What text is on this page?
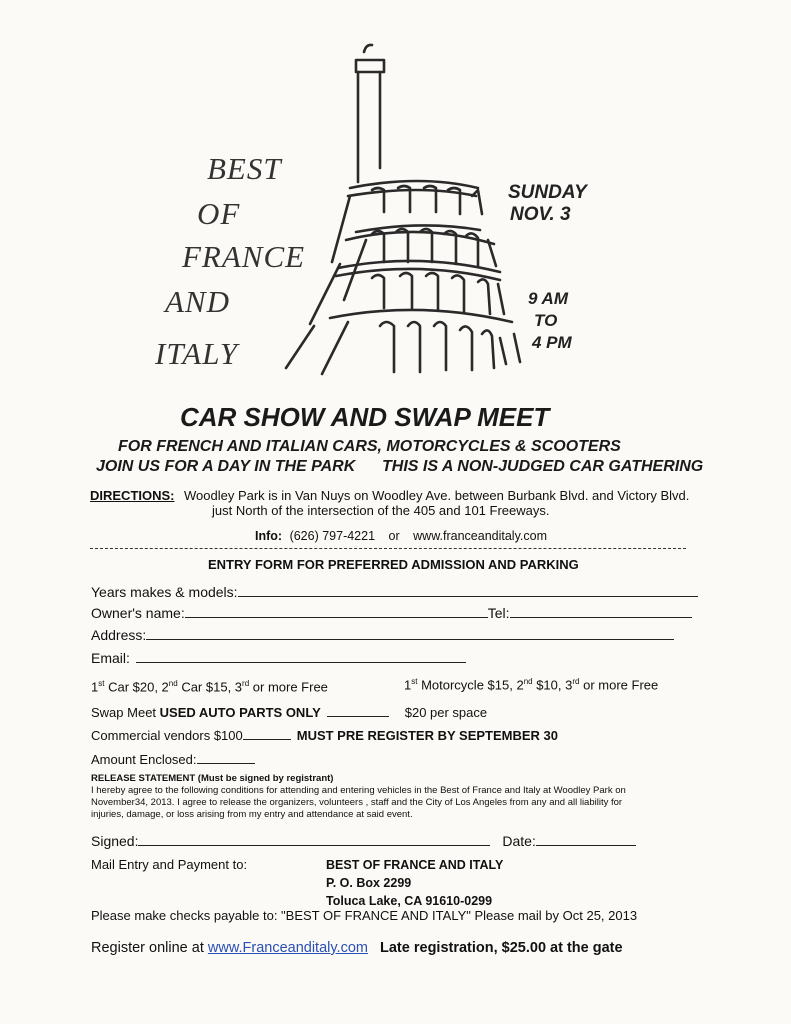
BEST
OF
FRANCE
AND
ITALY
SUNDAY
NOV. 3
9 AM
TO
4 PM
CAR SHOW AND SWAP MEET
FOR FRENCH AND ITALIAN CARS, MOTORCYCLES & SCOOTERS
JOIN US FOR A DAY IN THE PARK THIS IS A NON-JUDGED CAR GATHERING
DIRECTIONS: Woodley Park is in Van Nuys on Woodley Ave. between Burbank Blvd. and Victory Blvd.
just North of the intersection of the 405 and 101 Freeways.
Info: (626) 797-4221 or www.franceanditaly.com
ENTRY FORM FOR PREFERRED ADMISSION AND PARKING
Years makes & models:
Owner's name:	Tel:
Address:
Email:
1st Car $20, 2nd Car $15, 3rd or more Free	1st Motorcycle $15, 2nd $10, 3rd or more Free
Swap Meet USED AUTO PARTS ONLY	$20 per space
Commercial vendors $100	MUST PRE REGISTER BY SEPTEMBER 30
Amount Enclosed:
RELEASE STATEMENT (Must be signed by registrant)
I hereby agree to the following conditions for attending and entering vehicles in the Best of France and Italy at Woodley Park on
November34, 2013. I agree to release the organizers, volunteers , staff and the City of Los Angeles from any and all liability for
injuries, damage, or loss arising from my entry and attendance at said event.
Signed:	Date:
Mail Entry and Payment to:	BEST OF FRANCE AND ITALY
P. O. Box 2299
Toluca Lake, CA 91610-0299
Please make checks payable to: "BEST OF FRANCE AND ITALY" Please mail by Oct 25, 2013
Register online at www.Franceanditaly.com Late registration, $25.00 at the gate
